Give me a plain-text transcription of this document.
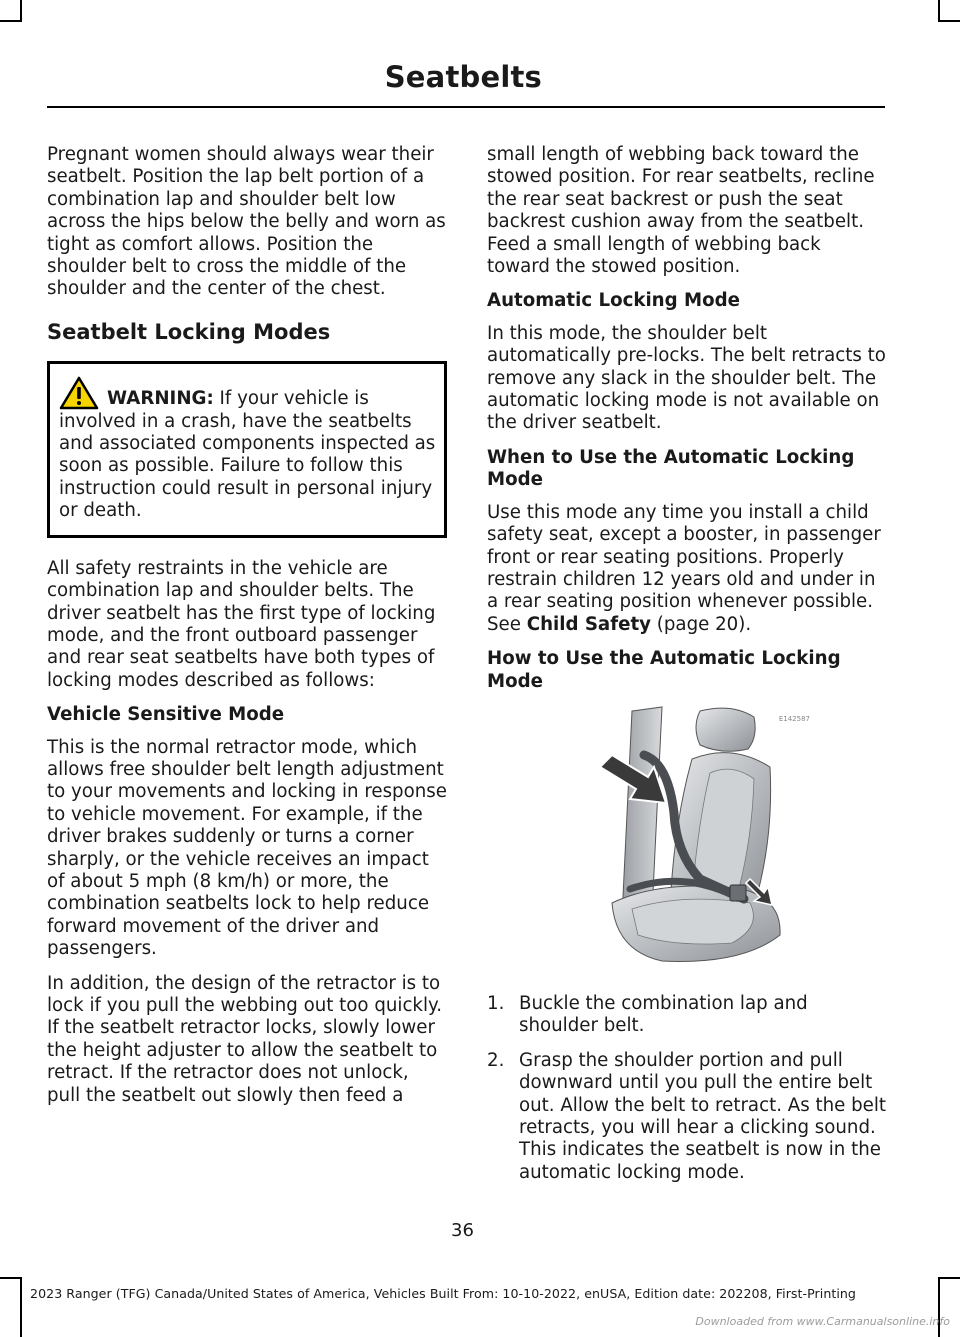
Seatbelts

Pregnant women should always wear their seatbelt. Position the lap belt portion of a combination lap and shoulder belt low across the hips below the belly and worn as tight as comfort allows. Position the shoulder belt to cross the middle of the shoulder and the center of the chest.

Seatbelt Locking Modes
WARNING: If your vehicle is involved in a crash, have the seatbelts and associated components inspected as soon as possible. Failure to follow this instruction could result in personal injury or death.

All safety restraints in the vehicle are combination lap and shoulder belts. The driver seatbelt has the first type of locking mode, and the front outboard passenger and rear seat seatbelts have both types of locking modes described as follows:

Vehicle Sensitive Mode

This is the normal retractor mode, which allows free shoulder belt length adjustment to your movements and locking in response to vehicle movement. For example, if the driver brakes suddenly or turns a corner sharply, or the vehicle receives an impact of about 5 mph (8 km/h) or more, the combination seatbelts lock to help reduce forward movement of the driver and passengers.

In addition, the design of the retractor is to lock if you pull the webbing out too quickly. If the seatbelt retractor locks, slowly lower the height adjuster to allow the seatbelt to retract. If the retractor does not unlock, pull the seatbelt out slowly then feed a

small length of webbing back toward the stowed position. For rear seatbelts, recline the rear seat backrest or push the seat backrest cushion away from the seatbelt. Feed a small length of webbing back toward the stowed position.

Automatic Locking Mode

In this mode, the shoulder belt automatically pre-locks. The belt retracts to remove any slack in the shoulder belt. The automatic locking mode is not available on the driver seatbelt.

When to Use the Automatic Locking Mode

Use this mode any time you install a child safety seat, except a booster, in passenger front or rear seating positions. Properly restrain children 12 years old and under in a rear seating position whenever possible. See Child Safety (page 20).

How to Use the Automatic Locking Mode
E142587
1. Buckle the combination lap and shoulder belt.
2. Grasp the shoulder portion and pull downward until you pull the entire belt out. Allow the belt to retract. As the belt retracts, you will hear a clicking sound. This indicates the seatbelt is now in the automatic locking mode.
36
2023 Ranger (TFG) Canada/United States of America, Vehicles Built From: 10-10-2022, enUSA, Edition date: 202208, First-Printing
Downloaded from www.Carmanualsonline.info
